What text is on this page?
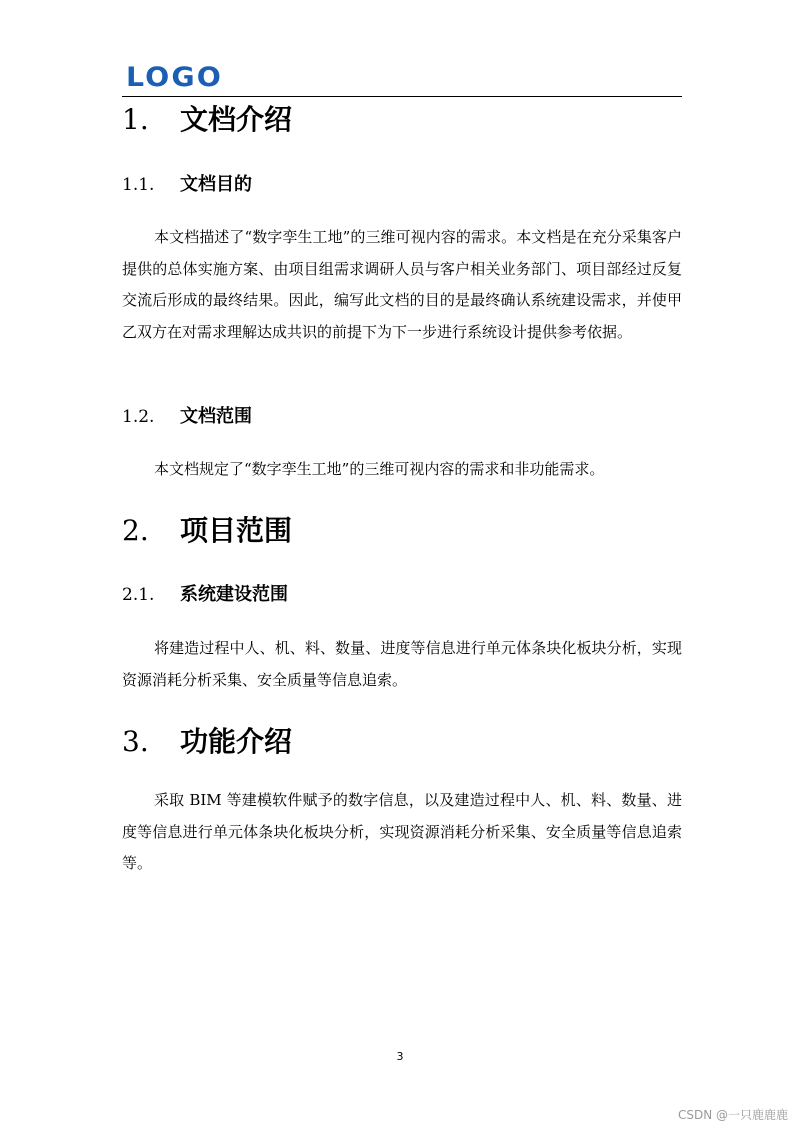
LOGO
1. 文档介绍
1.1. 文档目的

本文档描述了“数字孪生工地”的三维可视内容的需求。本文档是在充分采集客户提供的总体实施方案、由项目组需求调研人员与客户相关业务部门、项目部经过反复交流后形成的最终结果。因此，编写此文档的目的是最终确认系统建设需求，并使甲乙双方在对需求理解达成共识的前提下为下一步进行系统设计提供参考依据。

1.2. 文档范围

本文档规定了“数字孪生工地”的三维可视内容的需求和非功能需求。

2. 项目范围
2.1. 系统建设范围

将建造过程中人、机、料、数量、进度等信息进行单元体条块化板块分析，实现资源消耗分析采集、安全质量等信息追索。

3. 功能介绍

采取 BIM 等建模软件赋予的数字信息，以及建造过程中人、机、料、数量、进度等信息进行单元体条块化板块分析，实现资源消耗分析采集、安全质量等信息追索等。

3
CSDN @一只鹿鹿鹿
